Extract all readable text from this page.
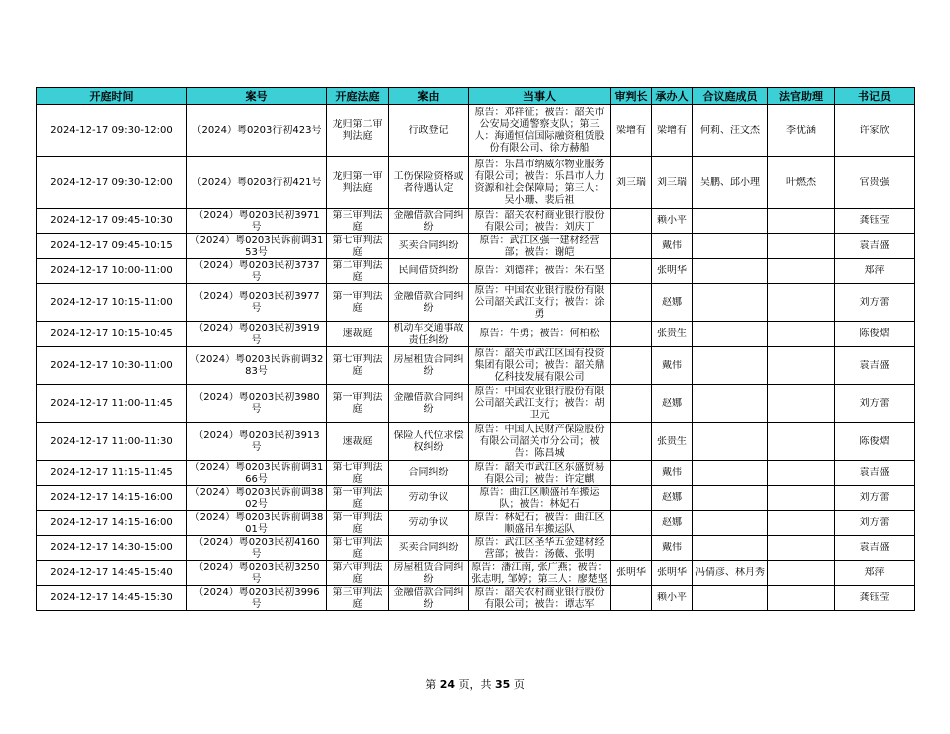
开庭时间	案号	开庭法庭	案由	当事人	审判长	承办人	合议庭成员	法官助理	书记员

2024-12-17 09:30-12:00	（2024）粤0203行初423号	龙归第二审判法庭	行政登记	原告：邓祥征；被告：韶关市公安局交通警察支队；第三人：海通恒信国际融资租赁股份有限公司、徐方赫船	梁增有	梁增有	何莉、汪文杰	李优涵	许家欣

2024-12-17 09:30-12:00	（2024）粤0203行初421号	龙归第一审判法庭	工伤保险资格或者待遇认定	原告：乐昌市纳威尔物业服务有限公司；被告：乐昌市人力资源和社会保障局；第三人：吴小珊、裴后祖	刘三瑞	刘三瑞	吴鹏、邱小理	叶燃杰	官贵强

2024-12-17 09:45-10:30	（2024）粤0203民初3971号	第三审判法庭	金融借款合同纠纷	原告：韶关农村商业银行股份有限公司；被告：刘庆丁		赖小平			龚钰莹

2024-12-17 09:45-10:15	（2024）粤0203民诉前调3153号	第七审判法庭	买卖合同纠纷	原告：武江区强一建材经营部；被告：谢皑		戴伟			袁吉盛

2024-12-17 10:00-11:00	（2024）粤0203民初3737号	第二审判法庭	民间借贷纠纷	原告：刘德祥；被告：朱石坚		张明华			郑萍

2024-12-17 10:15-11:00	（2024）粤0203民初3977号	第一审判法庭	金融借款合同纠纷	原告：中国农业银行股份有限公司韶关武江支行；被告：涂勇		赵娜			刘方蕾

2024-12-17 10:15-10:45	（2024）粤0203民初3919号	速裁庭	机动车交通事故责任纠纷	原告：牛勇；被告：何柏松		张贵生			陈俊熠

2024-12-17 10:30-11:00	（2024）粤0203民诉前调3283号	第七审判法庭	房屋租赁合同纠纷	原告：韶关市武江区国有投资集团有限公司；被告：韶关鼎亿科技发展有限公司		戴伟			袁吉盛

2024-12-17 11:00-11:45	（2024）粤0203民初3980号	第一审判法庭	金融借款合同纠纷	原告：中国农业银行股份有限公司韶关武江支行；被告：胡卫元		赵娜			刘方蕾

2024-12-17 11:00-11:30	（2024）粤0203民初3913号	速裁庭	保险人代位求偿权纠纷	原告：中国人民财产保险股份有限公司韶关市分公司；被告：陈昌城		张贵生			陈俊熠

2024-12-17 11:15-11:45	（2024）粤0203民诉前调3166号	第七审判法庭	合同纠纷	原告：韶关市武江区东盛贸易有限公司；被告：许定麒		戴伟			袁吉盛

2024-12-17 14:15-16:00	（2024）粤0203民诉前调3802号	第一审判法庭	劳动争议	原告：曲江区顺盛吊车搬运队；被告：林妃石		赵娜			刘方蕾

2024-12-17 14:15-16:00	（2024）粤0203民诉前调3801号	第一审判法庭	劳动争议	原告：林妃石；被告：曲江区顺盛吊车搬运队		赵娜			刘方蕾

2024-12-17 14:30-15:00	（2024）粤0203民初4160号	第七审判法庭	买卖合同纠纷	原告：武江区圣华五金建材经营部；被告：汤薇、张明		戴伟			袁吉盛

2024-12-17 14:45-15:40	（2024）粤0203民初3250号	第六审判法庭	房屋租赁合同纠纷	原告：潘江南, 张广燕；被告：张志明, 邹婷；第三人：廖楚坚	张明华	张明华	冯倩彦、林月秀		郑萍

2024-12-17 14:45-15:30	（2024）粤0203民初3996号	第三审判法庭	金融借款合同纠纷	原告：韶关农村商业银行股份有限公司；被告：谭志军		赖小平			龚钰莹
第 24 页，共 35 页
